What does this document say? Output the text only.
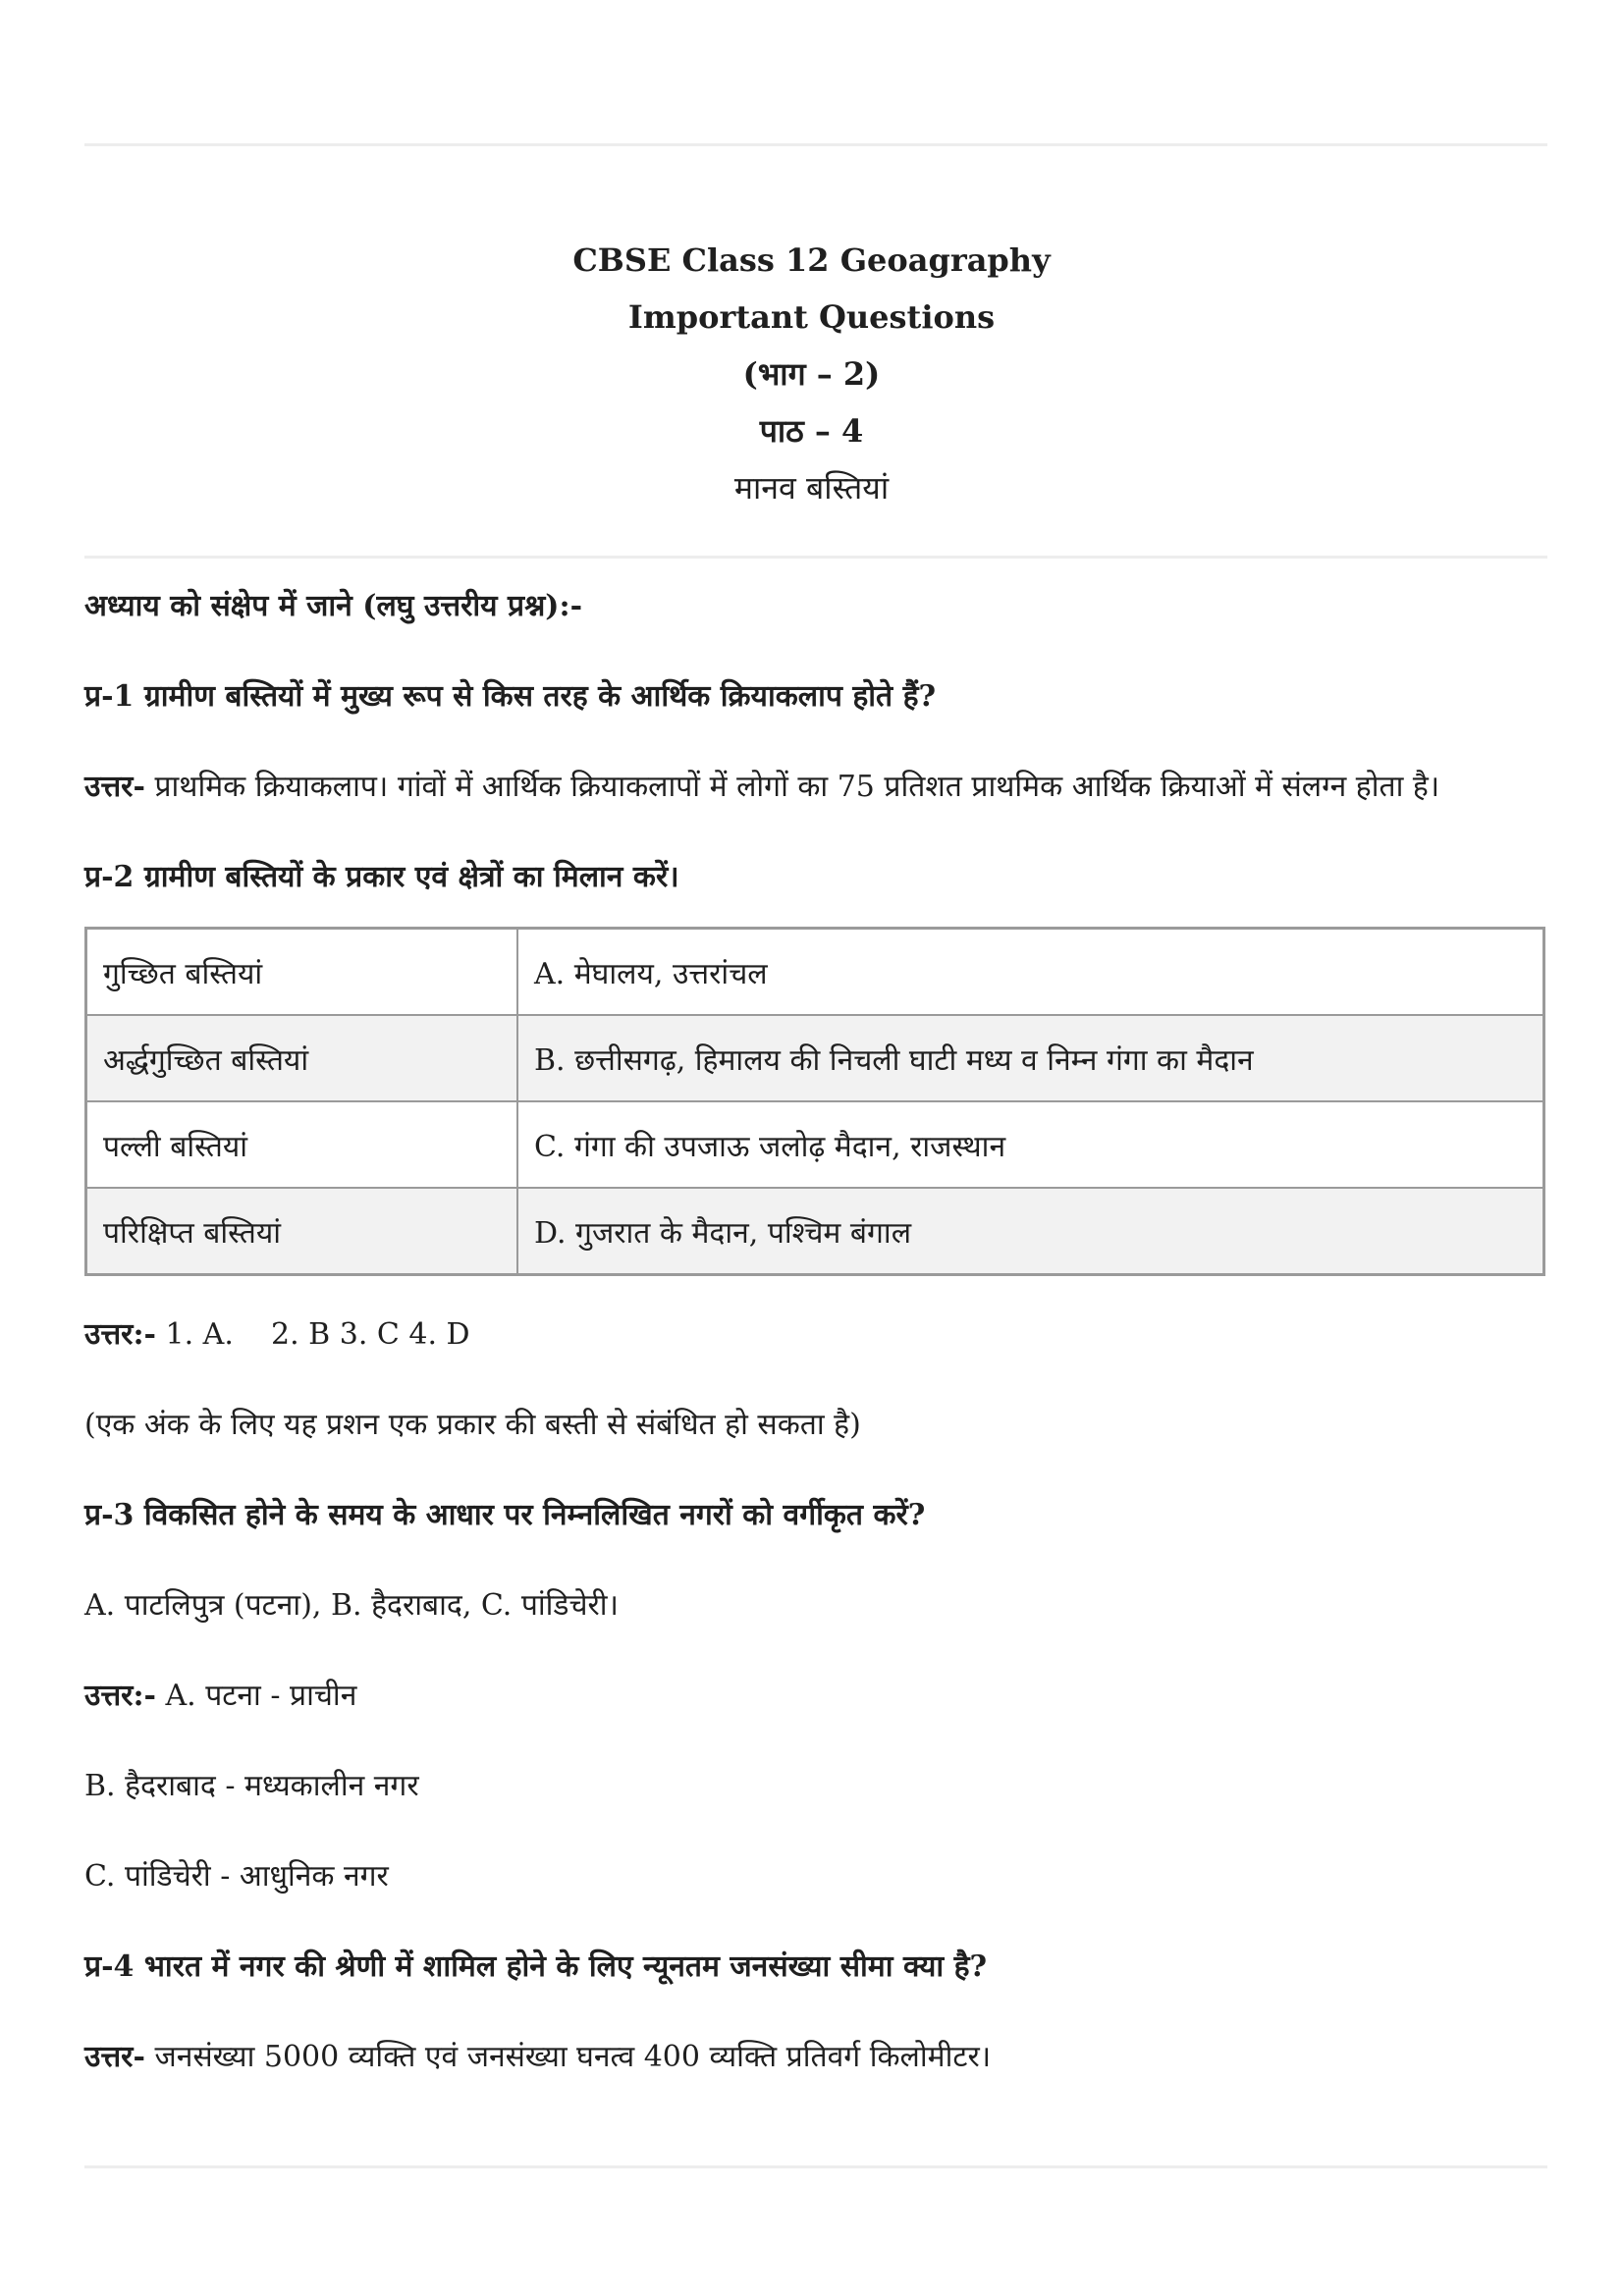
CBSE Class 12 Geoagraphy
Important Questions
(भाग – 2)
पाठ – 4
मानव बस्तियां

अध्याय को संक्षेप में जाने (लघु उत्तरीय प्रश्न):-

प्र-1 ग्रामीण बस्तियों में मुख्य रूप से किस तरह के आर्थिक क्रियाकलाप होते हैं?

उत्तर- प्राथमिक क्रियाकलाप। गांवों में आर्थिक क्रियाकलापों में लोगों का 75 प्रतिशत प्राथमिक आर्थिक क्रियाओं में संलग्न होता है।

प्र-2 ग्रामीण बस्तियों के प्रकार एवं क्षेत्रों का मिलान करें।

गुच्छित बस्तियां	A. मेघालय, उत्तरांचल
अर्द्धगुच्छित बस्तियां	B. छत्तीसगढ़, हिमालय की निचली घाटी मध्य व निम्न गंगा का मैदान
पल्ली बस्तियां	C. गंगा की उपजाऊ जलोढ़ मैदान, राजस्थान
परिक्षिप्त बस्तियां	D. गुजरात के मैदान, पश्चिम बंगाल

उत्तर:- 1. A.    2. B 3. C 4. D

(एक अंक के लिए यह प्रशन एक प्रकार की बस्ती से संबंधित हो सकता है)

प्र-3 विकसित होने के समय के आधार पर निम्नलिखित नगरों को वर्गीकृत करें?

A. पाटलिपुत्र (पटना), B. हैदराबाद, C. पांडिचेरी।

उत्तर:- A. पटना - प्राचीन

B. हैदराबाद - मध्यकालीन नगर

C. पांडिचेरी - आधुनिक नगर

प्र-4 भारत में नगर की श्रेणी में शामिल होने के लिए न्यूनतम जनसंख्या सीमा क्या है?

उत्तर- जनसंख्या 5000 व्यक्ति एवं जनसंख्या घनत्व 400 व्यक्ति प्रतिवर्ग किलोमीटर।
